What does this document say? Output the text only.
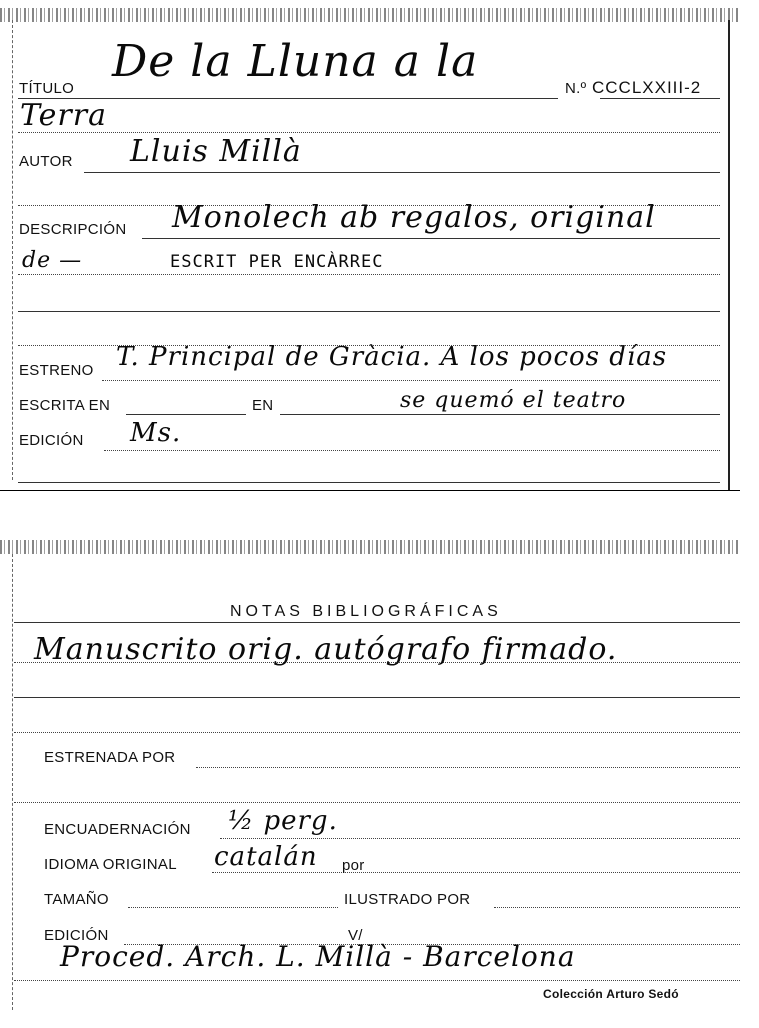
TÍTULO
De la Lluna a la
N.º CCCLXXIII-2
Terra
AUTOR Lluis Millà
DESCRIPCIÓN Monolech ab regalos, original
de —	ESCRIT PER ENCÀRREC
ESTRENO T. Principal de Gràcia. A los pocos días
ESCRITA EN	EN	se quemó el teatro
EDICIÓN Ms.
NOTAS BIBLIOGRÁFICAS
Manuscrito orig. autógrafo firmado.
ESTRENADA POR
ENCUADERNACIÓN ½ perg.
IDIOMA ORIGINAL catalán por
TAMAÑO	ILUSTRADO POR
EDICIÓN	V/
Proced. Arch. L. Millà - Barcelona
Colección Arturo Sedó
